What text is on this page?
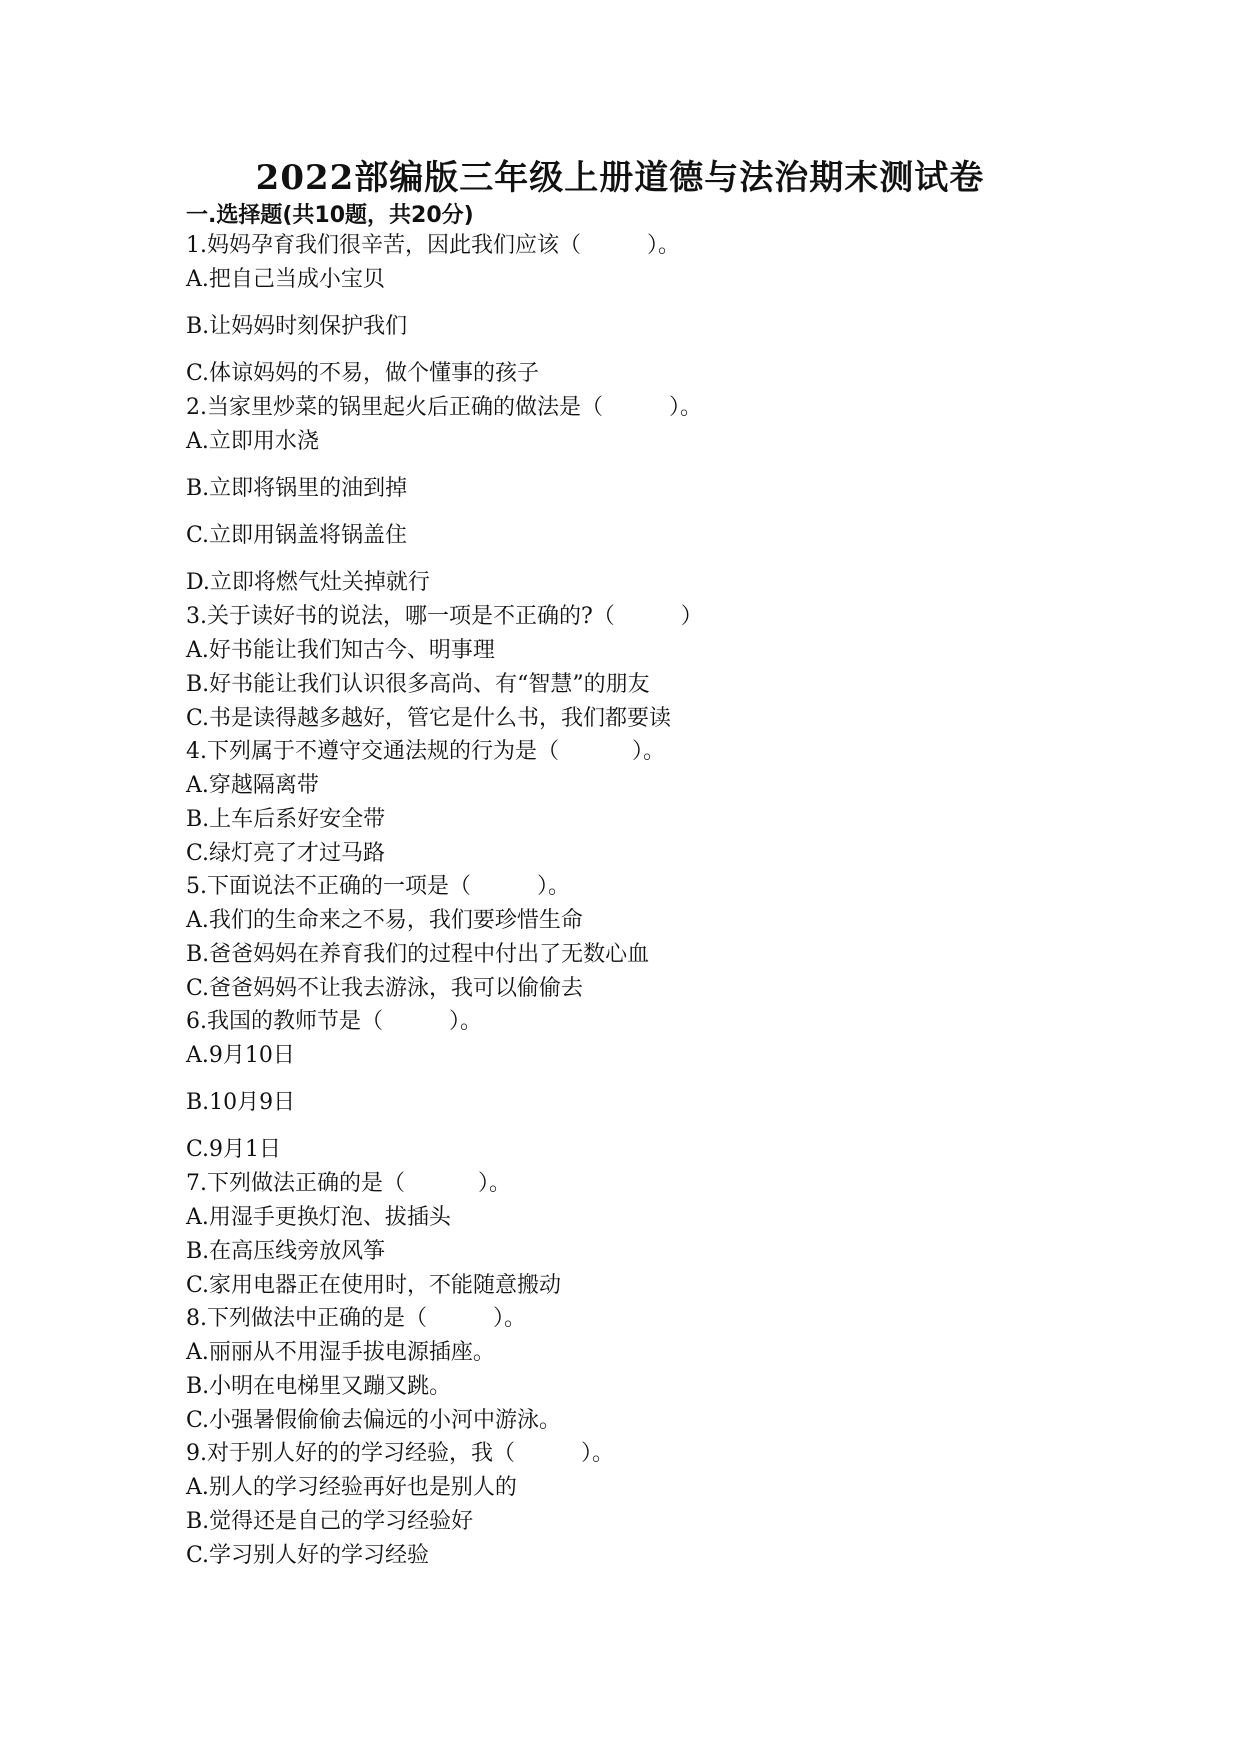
2022部编版三年级上册道德与法治期末测试卷
一.选择题(共10题，共20分)
1.妈妈孕育我们很辛苦，因此我们应该（　　　）。
A.把自己当成小宝贝
B.让妈妈时刻保护我们
C.体谅妈妈的不易，做个懂事的孩子
2.当家里炒菜的锅里起火后正确的做法是（　　　）。
A.立即用水浇
B.立即将锅里的油到掉
C.立即用锅盖将锅盖住
D.立即将燃气灶关掉就行
3.关于读好书的说法，哪一项是不正确的?（　　　）
A.好书能让我们知古今、明事理
B.好书能让我们认识很多高尚、有“智慧”的朋友
C.书是读得越多越好，管它是什么书，我们都要读
4.下列属于不遵守交通法规的行为是（　　　 ）。
A.穿越隔离带
B.上车后系好安全带
C.绿灯亮了才过马路
5.下面说法不正确的一项是（　　　）。
A.我们的生命来之不易，我们要珍惜生命
B.爸爸妈妈在养育我们的过程中付出了无数心血
C.爸爸妈妈不让我去游泳，我可以偷偷去
6.我国的教师节是（　　　）。
A.9月10日
B.10月9日
C.9月1日
7.下列做法正确的是（　　　 ）。
A.用湿手更换灯泡、拔插头
B.在高压线旁放风筝
C.家用电器正在使用时，不能随意搬动
8.下列做法中正确的是（　　　）。
A.丽丽从不用湿手拔电源插座。
B.小明在电梯里又蹦又跳。
C.小强暑假偷偷去偏远的小河中游泳。
9.对于别人好的的学习经验，我（　　　）。
A.别人的学习经验再好也是别人的
B.觉得还是自己的学习经验好
C.学习别人好的学习经验
